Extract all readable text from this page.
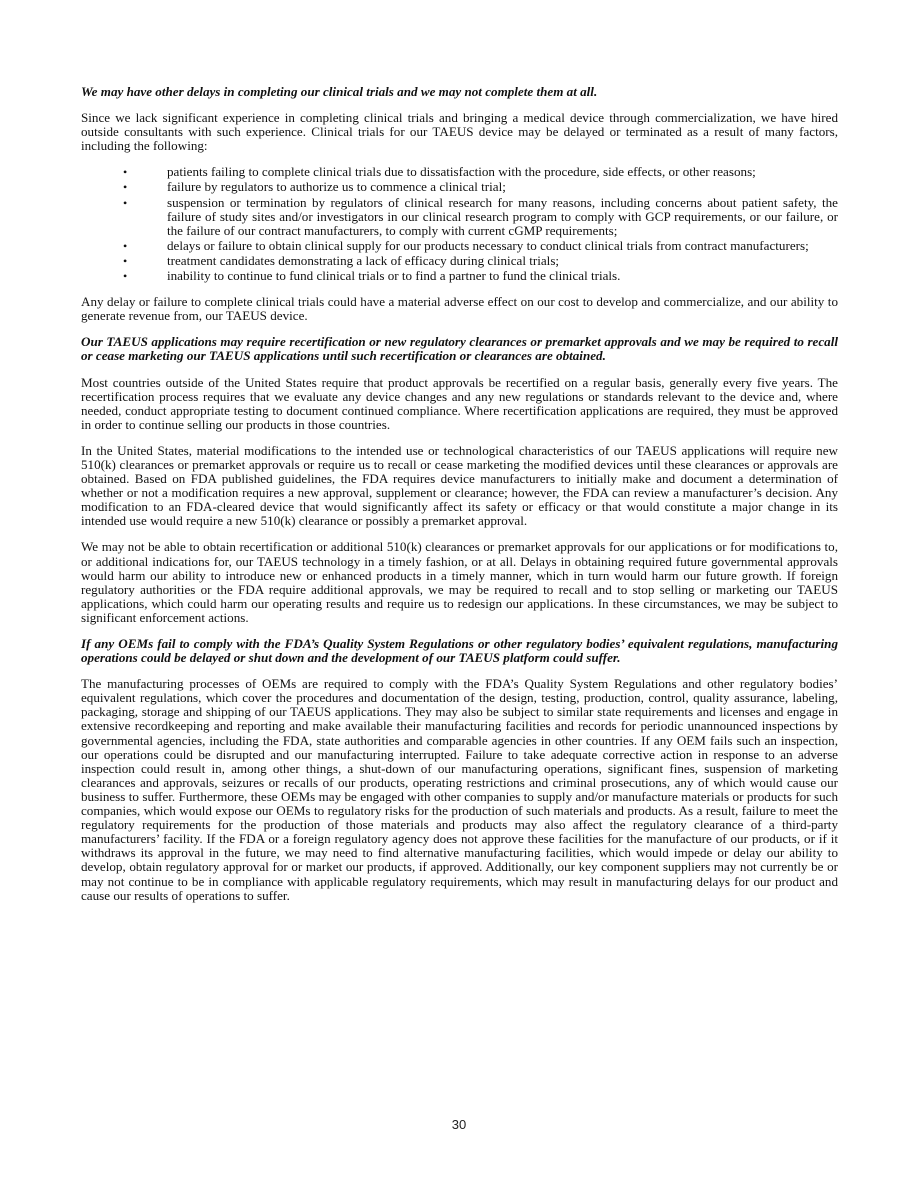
We may have other delays in completing our clinical trials and we may not complete them at all.

Since we lack significant experience in completing clinical trials and bringing a medical device through commercialization, we have hired outside consultants with such experience. Clinical trials for our TAEUS device may be delayed or terminated as a result of many factors, including the following:

•	patients failing to complete clinical trials due to dissatisfaction with the procedure, side effects, or other reasons;
•	failure by regulators to authorize us to commence a clinical trial;
•	suspension or termination by regulators of clinical research for many reasons, including concerns about patient safety, the failure of study sites and/or investigators in our clinical research program to comply with GCP requirements, or our failure, or the failure of our contract manufacturers, to comply with current cGMP requirements;
•	delays or failure to obtain clinical supply for our products necessary to conduct clinical trials from contract manufacturers;
•	treatment candidates demonstrating a lack of efficacy during clinical trials;
•	inability to continue to fund clinical trials or to find a partner to fund the clinical trials.

Any delay or failure to complete clinical trials could have a material adverse effect on our cost to develop and commercialize, and our ability to generate revenue from, our TAEUS device.

Our TAEUS applications may require recertification or new regulatory clearances or premarket approvals and we may be required to recall or cease marketing our TAEUS applications until such recertification or clearances are obtained.

Most countries outside of the United States require that product approvals be recertified on a regular basis, generally every five years. The recertification process requires that we evaluate any device changes and any new regulations or standards relevant to the device and, where needed, conduct appropriate testing to document continued compliance. Where recertification applications are required, they must be approved in order to continue selling our products in those countries.

In the United States, material modifications to the intended use or technological characteristics of our TAEUS applications will require new 510(k) clearances or premarket approvals or require us to recall or cease marketing the modified devices until these clearances or approvals are obtained. Based on FDA published guidelines, the FDA requires device manufacturers to initially make and document a determination of whether or not a modification requires a new approval, supplement or clearance; however, the FDA can review a manufacturer’s decision. Any modification to an FDA-cleared device that would significantly affect its safety or efficacy or that would constitute a major change in its intended use would require a new 510(k) clearance or possibly a premarket approval.

We may not be able to obtain recertification or additional 510(k) clearances or premarket approvals for our applications or for modifications to, or additional indications for, our TAEUS technology in a timely fashion, or at all. Delays in obtaining required future governmental approvals would harm our ability to introduce new or enhanced products in a timely manner, which in turn would harm our future growth. If foreign regulatory authorities or the FDA require additional approvals, we may be required to recall and to stop selling or marketing our TAEUS applications, which could harm our operating results and require us to redesign our applications. In these circumstances, we may be subject to significant enforcement actions.

If any OEMs fail to comply with the FDA’s Quality System Regulations or other regulatory bodies’ equivalent regulations, manufacturing operations could be delayed or shut down and the development of our TAEUS platform could suffer.

The manufacturing processes of OEMs are required to comply with the FDA’s Quality System Regulations and other regulatory bodies’ equivalent regulations, which cover the procedures and documentation of the design, testing, production, control, quality assurance, labeling, packaging, storage and shipping of our TAEUS applications. They may also be subject to similar state requirements and licenses and engage in extensive recordkeeping and reporting and make available their manufacturing facilities and records for periodic unannounced inspections by governmental agencies, including the FDA, state authorities and comparable agencies in other countries. If any OEM fails such an inspection, our operations could be disrupted and our manufacturing interrupted. Failure to take adequate corrective action in response to an adverse inspection could result in, among other things, a shut-down of our manufacturing operations, significant fines, suspension of marketing clearances and approvals, seizures or recalls of our products, operating restrictions and criminal prosecutions, any of which would cause our business to suffer. Furthermore, these OEMs may be engaged with other companies to supply and/or manufacture materials or products for such companies, which would expose our OEMs to regulatory risks for the production of such materials and products. As a result, failure to meet the regulatory requirements for the production of those materials and products may also affect the regulatory clearance of a third-party manufacturers’ facility. If the FDA or a foreign regulatory agency does not approve these facilities for the manufacture of our products, or if it withdraws its approval in the future, we may need to find alternative manufacturing facilities, which would impede or delay our ability to develop, obtain regulatory approval for or market our products, if approved. Additionally, our key component suppliers may not currently be or may not continue to be in compliance with applicable regulatory requirements, which may result in manufacturing delays for our product and cause our results of operations to suffer.

30
